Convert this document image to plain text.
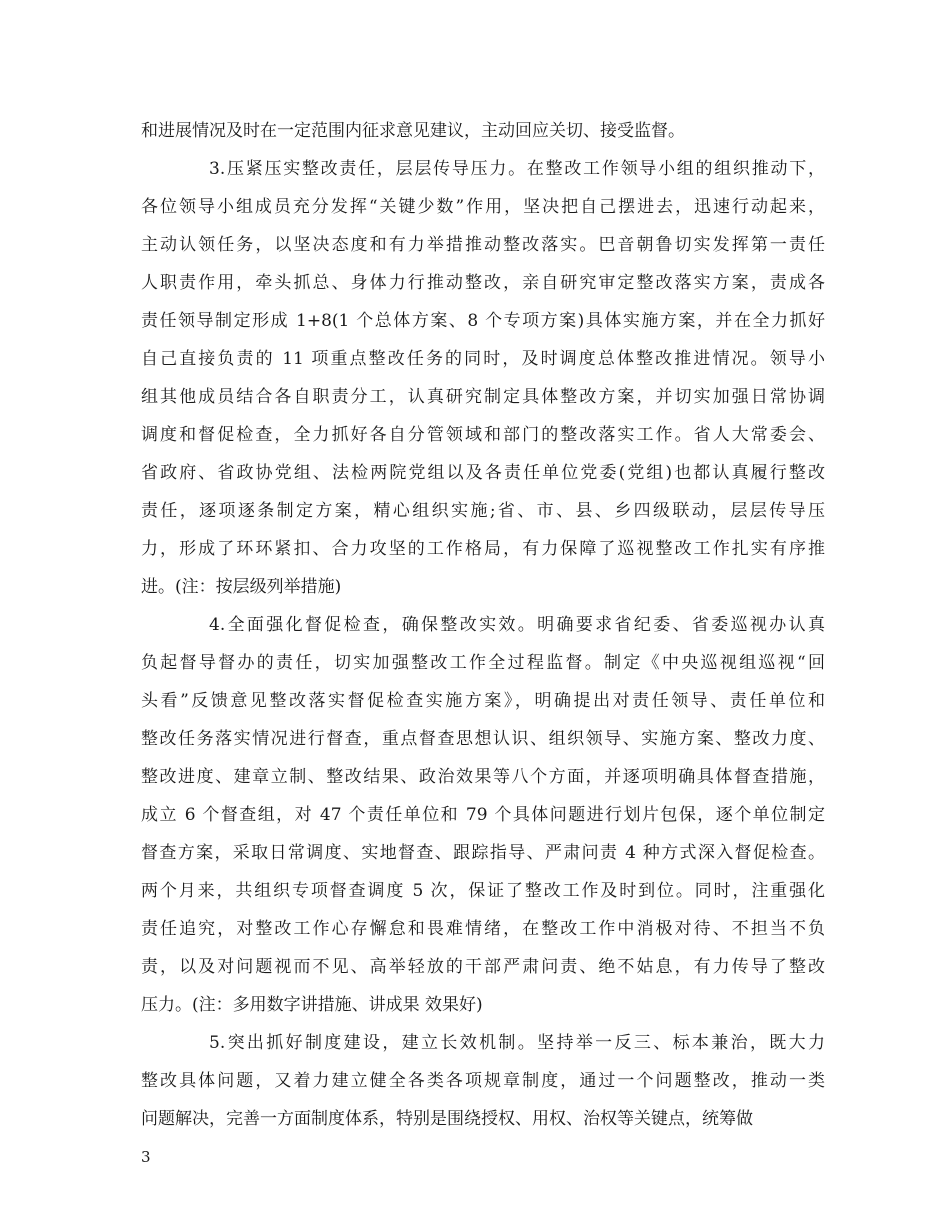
和进展情况及时在一定范围内征求意见建议，主动回应关切、接受监督。
3.压紧压实整改责任，层层传导压力。在整改工作领导小组的组织推动下，
各位领导小组成员充分发挥“关键少数”作用，坚决把自己摆进去，迅速行动起来，
主动认领任务，以坚决态度和有力举措推动整改落实。巴音朝鲁切实发挥第一责任
人职责作用，牵头抓总、身体力行推动整改，亲自研究审定整改落实方案，责成各
责任领导制定形成 1+8(1 个总体方案、8 个专项方案)具体实施方案，并在全力抓好
自己直接负责的 11 项重点整改任务的同时，及时调度总体整改推进情况。领导小
组其他成员结合各自职责分工，认真研究制定具体整改方案，并切实加强日常协调
调度和督促检查，全力抓好各自分管领域和部门的整改落实工作。省人大常委会、
省政府、省政协党组、法检两院党组以及各责任单位党委(党组)也都认真履行整改
责任，逐项逐条制定方案，精心组织实施;省、市、县、乡四级联动，层层传导压
力，形成了环环紧扣、合力攻坚的工作格局，有力保障了巡视整改工作扎实有序推
进。(注：按层级列举措施)
4.全面强化督促检查，确保整改实效。明确要求省纪委、省委巡视办认真
负起督导督办的责任，切实加强整改工作全过程监督。制定《中央巡视组巡视“回
头看”反馈意见整改落实督促检查实施方案》，明确提出对责任领导、责任单位和
整改任务落实情况进行督查，重点督查思想认识、组织领导、实施方案、整改力度、
整改进度、建章立制、整改结果、政治效果等八个方面，并逐项明确具体督查措施，
成立 6 个督查组，对 47 个责任单位和 79 个具体问题进行划片包保，逐个单位制定
督查方案，采取日常调度、实地督查、跟踪指导、严肃问责 4 种方式深入督促检查。
两个月来，共组织专项督查调度 5 次，保证了整改工作及时到位。同时，注重强化
责任追究，对整改工作心存懈怠和畏难情绪，在整改工作中消极对待、不担当不负
责，以及对问题视而不见、高举轻放的干部严肃问责、绝不姑息，有力传导了整改
压力。(注：多用数字讲措施、讲成果 效果好)
5.突出抓好制度建设，建立长效机制。坚持举一反三、标本兼治，既大力
整改具体问题，又着力建立健全各类各项规章制度，通过一个问题整改，推动一类
问题解决，完善一方面制度体系，特别是围绕授权、用权、治权等关键点，统筹做
3
